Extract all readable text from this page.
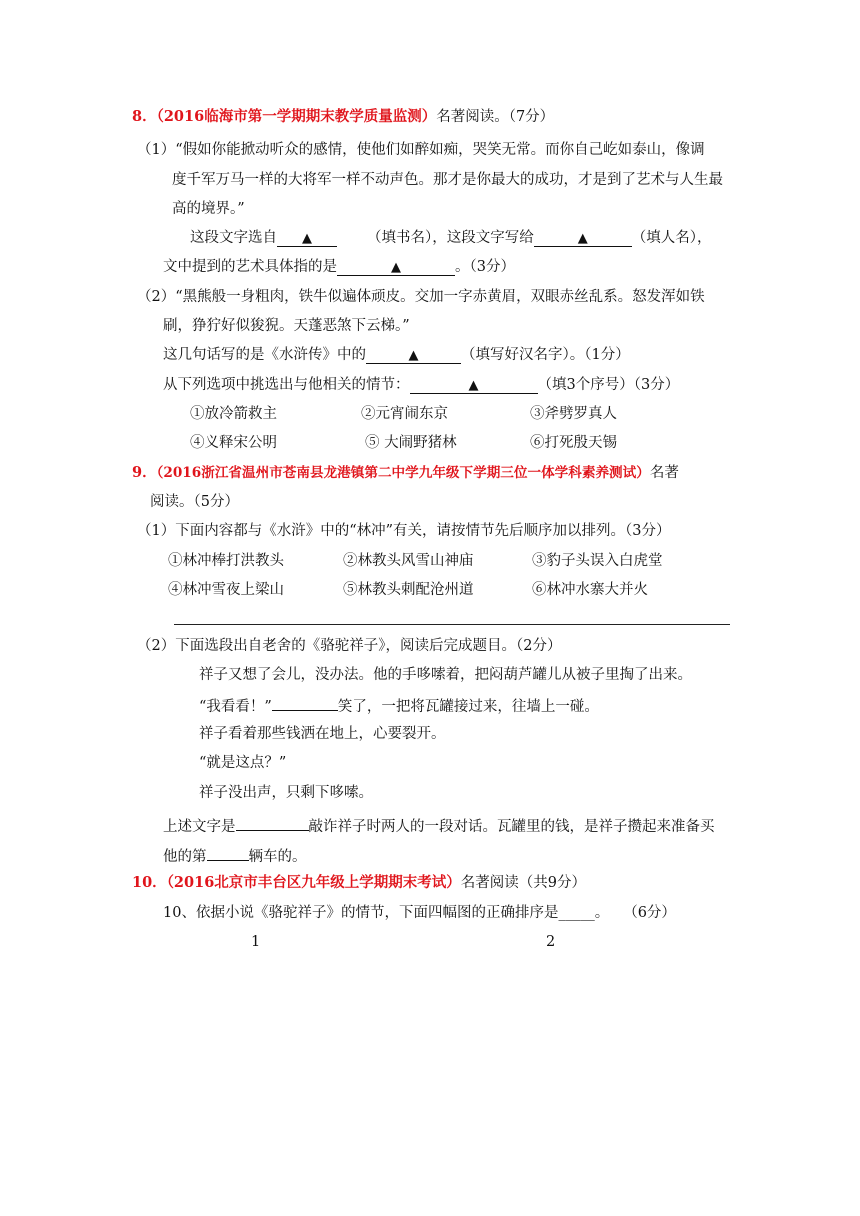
8．（2016临海市第一学期期末教学质量监测）名著阅读。（7分）
（1）“假如你能掀动听众的感情，使他们如醉如痴，哭笑无常。而你自己屹如泰山，像调
度千军万马一样的大将军一样不动声色。那才是你最大的成功，才是到了艺术与人生最
高的境界。”
这段文字选自 ▲	（填书名），这段文字写给	▲	（填人名），
文中提到的艺术具体指的是	▲	。（3分）
（2）“黑熊般一身粗肉，铁牛似遍体顽皮。交加一字赤黄眉，双眼赤丝乱系。怒发浑如铁
刷，狰狞好似狻猊。天蓬恶煞下云梯。”
这几句话写的是《水浒传》中的	▲	（填写好汉名字）。（1分）
从下列选项中挑选出与他相关的情节：	▲	（填3个序号）（3分）
①放冷箭救主	②元宵闹东京	③斧劈罗真人
④义释宋公明	⑤ 大闹野猪林	⑥打死殷天锡
9．（2016浙江省温州市苍南县龙港镇第二中学九年级下学期三位一体学科素养测试）名著
阅读。（5分）
（1）下面内容都与《水浒》中的“林冲”有关，请按情节先后顺序加以排列。（3分）
①林冲棒打洪教头	②林教头风雪山神庙	③豹子头误入白虎堂
④林冲雪夜上梁山	⑤林教头刺配沧州道	⑥林冲水寨大并火
（2）下面选段出自老舍的《骆驼祥子》，阅读后完成题目。（2分）
祥子又想了会儿，没办法。他的手哆嗦着，把闷葫芦罐儿从被子里掏了出来。
“我看看！”	笑了，一把将瓦罐接过来，往墙上一碰。
祥子看着那些钱洒在地上，心要裂开。
“就是这点？”
祥子没出声，只剩下哆嗦。
上述文字是	敲诈祥子时两人的一段对话。瓦罐里的钱，是祥子攒起来准备买
他的第	辆车的。
10．（2016北京市丰台区九年级上学期期末考试）名著阅读（共9分）
10、依据小说《骆驼祥子》的情节，下面四幅图的正确排序是_____。 （6分）
1	2
